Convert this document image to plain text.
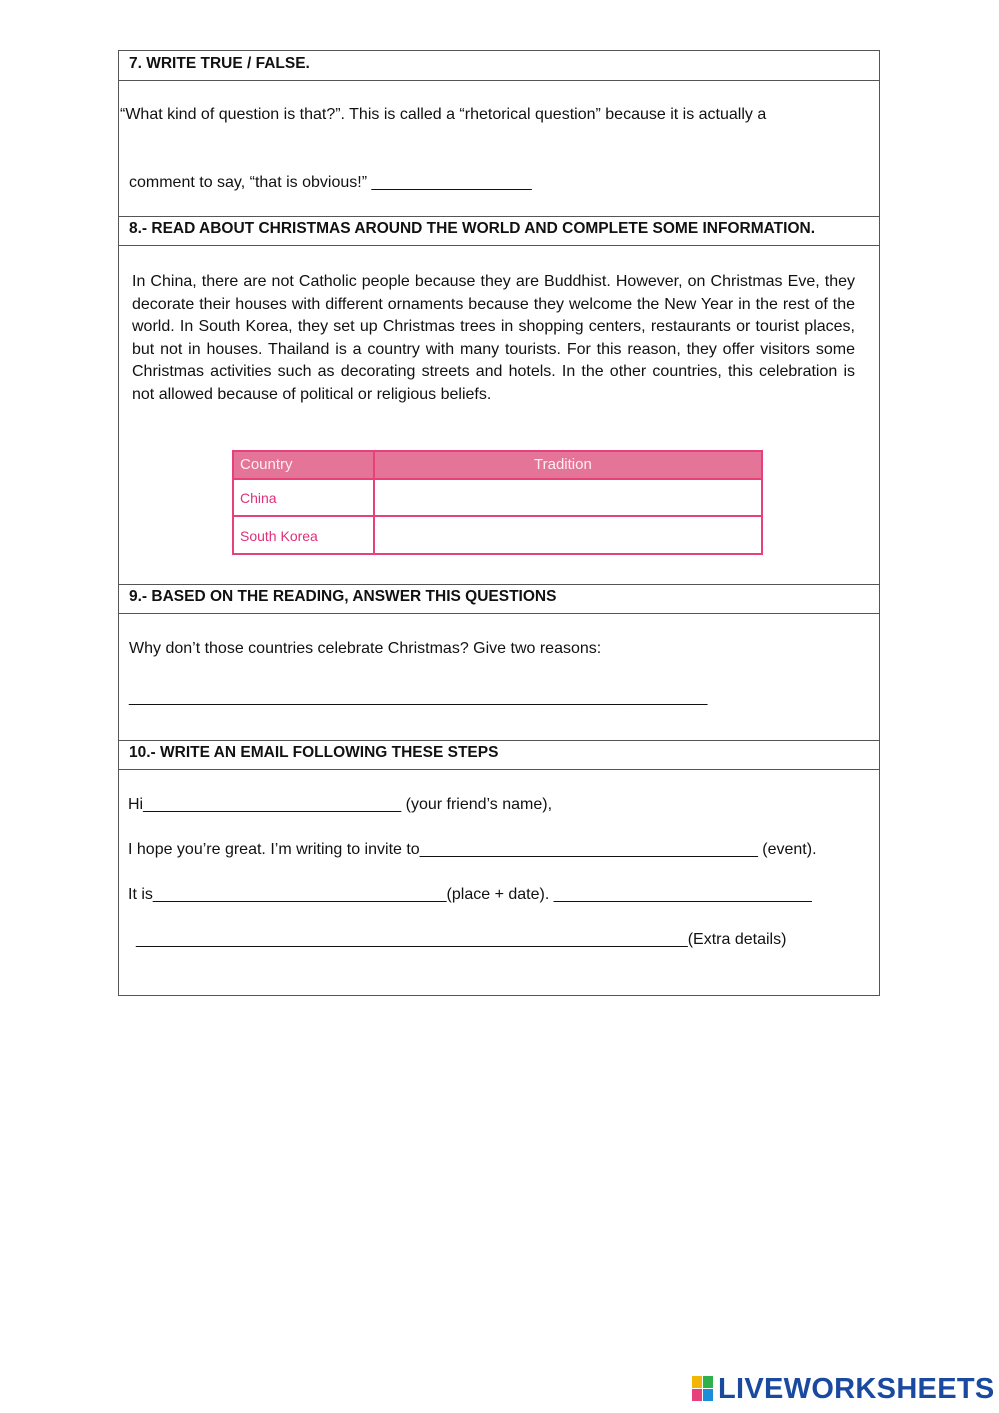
7. WRITE TRUE / FALSE.
“What kind of question is that?”. This is called a “rhetorical question” because it is actually a
comment to say, “that is obvious!” __________________
8.- READ ABOUT CHRISTMAS AROUND THE WORLD AND COMPLETE SOME INFORMATION.
In China, there are not Catholic people because they are Buddhist. However, on Christmas Eve, they decorate their houses with different ornaments because they welcome the New Year in the rest of the world. In South Korea, they set up Christmas trees in shopping centers, restaurants or tourist places, but not in houses. Thailand is a country with many tourists. For this reason, they offer visitors some Christmas activities such as decorating streets and hotels. In the other countries, this celebration is not allowed because of political or religious beliefs.
Country	Tradition
China
South Korea
9.- BASED ON THE READING, ANSWER THIS QUESTIONS
Why don’t those countries celebrate Christmas? Give two reasons:
_________________________________________________________________
10.- WRITE AN EMAIL FOLLOWING THESE STEPS
Hi_____________________________ (your friend’s name),
I hope you’re great. I’m writing to invite to______________________________________ (event).
It is_________________________________(place + date). _____________________________
______________________________________________________________(Extra details)
LIVEWORKSHEETS
